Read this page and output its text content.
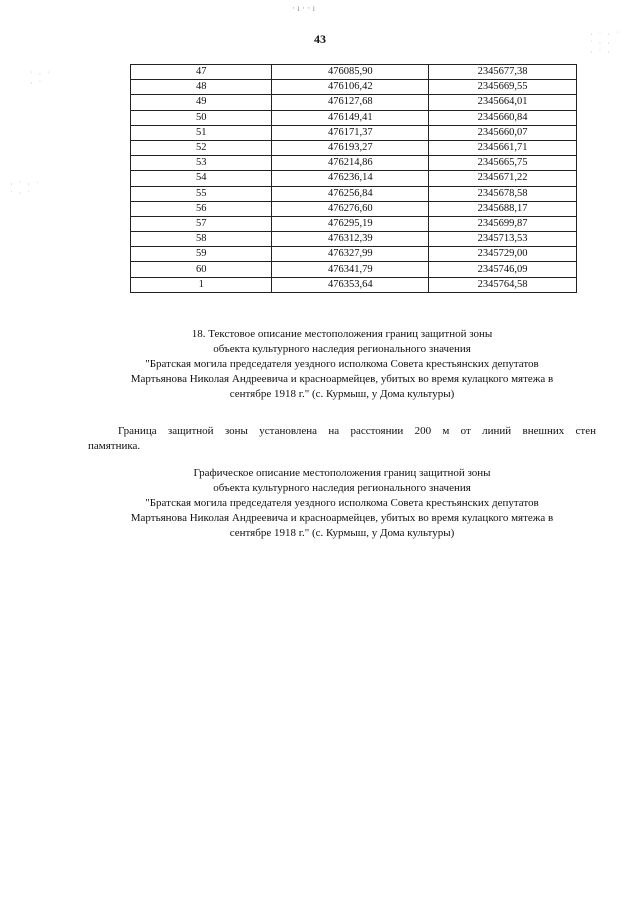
· ı · · ı
· ˙ · ˙
˙ · ·
· ˙ ·
˙ · ˙
· ˙
· ˙ · ˙
˙ · ˙
43
47	476085,90	2345677,38
48	476106,42	2345669,55
49	476127,68	2345664,01
50	476149,41	2345660,84
51	476171,37	2345660,07
52	476193,27	2345661,71
53	476214,86	2345665,75
54	476236,14	2345671,22
55	476256,84	2345678,58
56	476276,60	2345688,17
57	476295,19	2345699,87
58	476312,39	2345713,53
59	476327,99	2345729,00
60	476341,79	2345746,09
1	476353,64	2345764,58
18. Текстовое описание местоположения границ защитной зоны
объекта культурного наследия регионального значения
"Братская могила председателя уездного исполкома Совета крестьянских депутатов
Мартьянова Николая Андреевича и красноармейцев, убитых во время кулацкого мятежа в
сентябре 1918 г." (с. Курмыш, у Дома культуры)
Граница защитной зоны установлена на расстоянии 200 м от линий внешних стен
памятника.
Графическое описание местоположения границ защитной зоны
объекта культурного наследия регионального значения
"Братская могила председателя уездного исполкома Совета крестьянских депутатов
Мартьянова Николая Андреевича и красноармейцев, убитых во время кулацкого мятежа в
сентябре 1918 г." (с. Курмыш, у Дома культуры)
